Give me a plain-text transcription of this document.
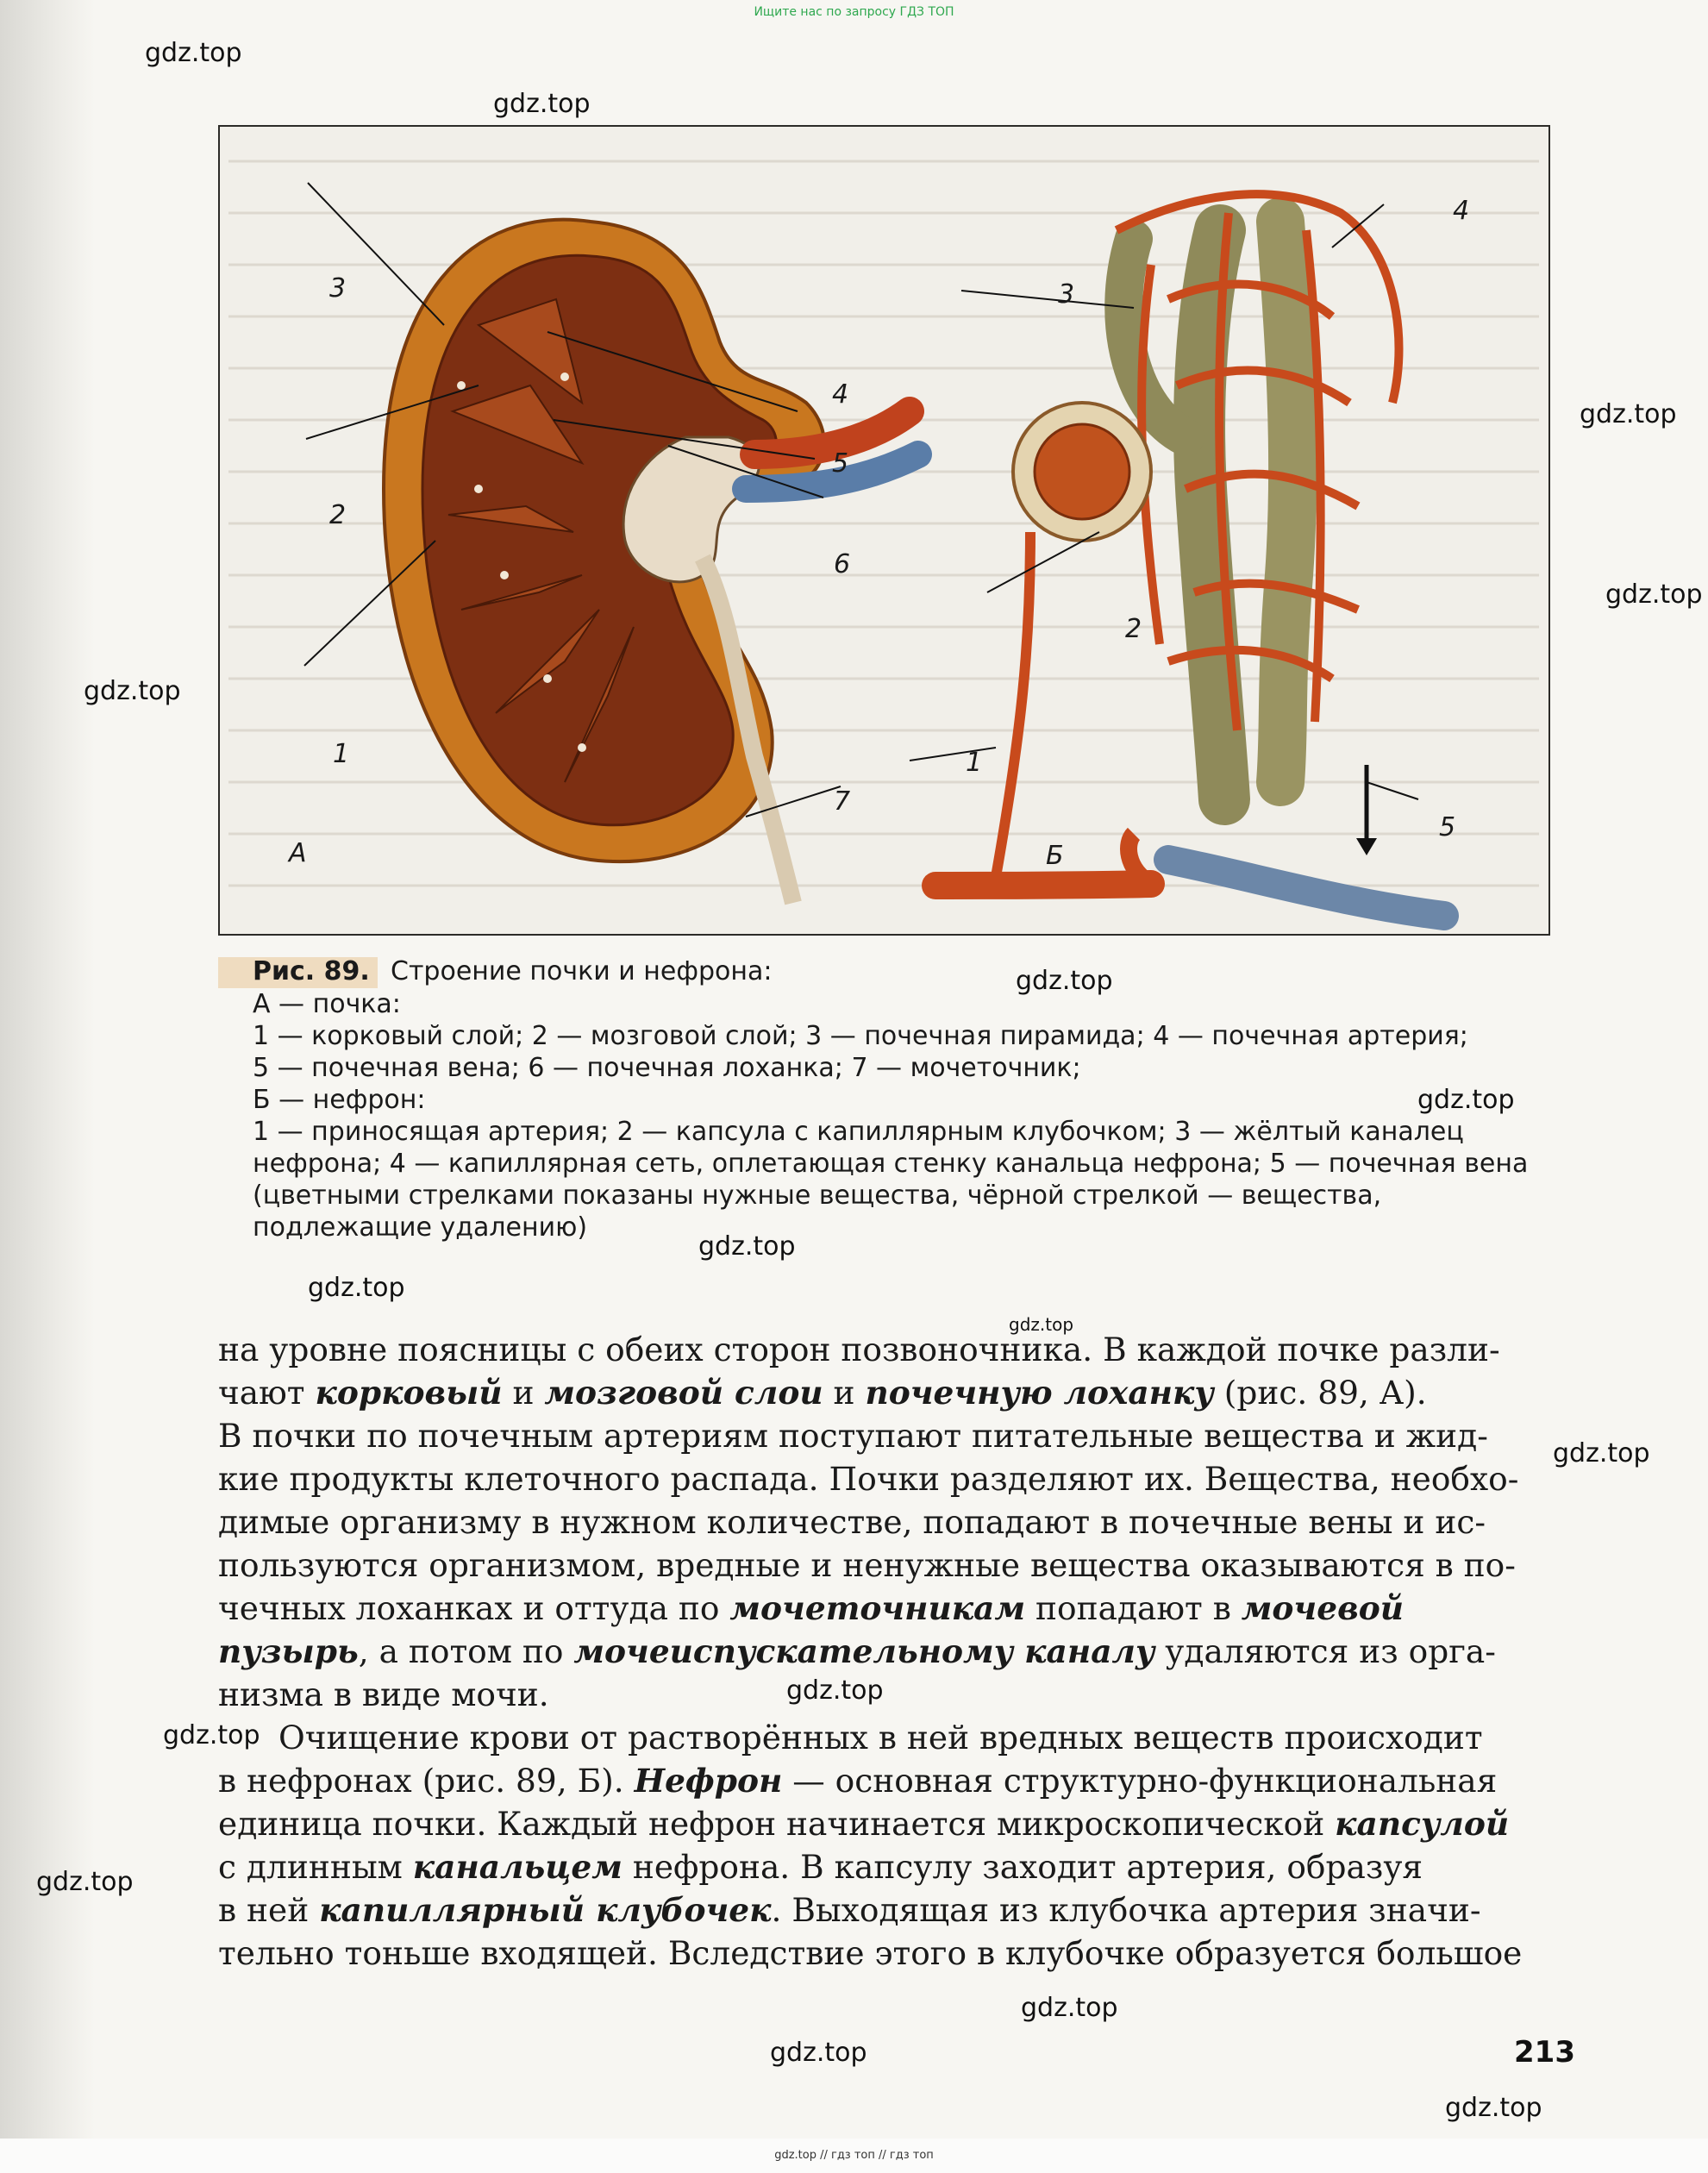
Ищите нас по запросу ГДЗ ТОП
gdz.top
gdz.top
gdz.top
gdz.top
gdz.top
gdz.top
gdz.top
gdz.top
gdz.top
gdz.top
gdz.top
gdz.top
gdz.top
gdz.top
gdz.top
gdz.top
gdz.top
3
2
1
4
5
6
7
А
3
4
2
1
5
Б
Рис. 89. Строение почки и нефрона:
А — почка:
1 — корковый слой; 2 — мозговой слой; 3 — почечная пирамида; 4 — почечная артерия;
5 — почечная вена; 6 — почечная лоханка; 7 — мочеточник;
Б — нефрон:
1 — приносящая артерия; 2 — капсула с капиллярным клубочком; 3 — жёлтый каналец
нефрона; 4 — капиллярная сеть, оплетающая стенку канальца нефрона; 5 — почечная вена
(цветными стрелками показаны нужные вещества, чёрной стрелкой — вещества,
подлежащие удалению)
на уровне поясницы с обеих сторон позвоночника. В каждой почке разли-
чают корковый и мозговой слои и почечную лоханку (рис. 89, А).
В почки по почечным артериям поступают питательные вещества и жид-
кие продукты клеточного распада. Почки разделяют их. Вещества, необхо-
димые организму в нужном количестве, попадают в почечные вены и ис-
пользуются организмом, вредные и ненужные вещества оказываются в по-
чечных лоханках и оттуда по мочеточникам попадают в мочевой
пузырь, а потом по мочеиспускательному каналу удаляются из орга-
низма в виде мочи.
Очищение крови от растворённых в ней вредных веществ происходит
в нефронах (рис. 89, Б). Нефрон — основная структурно-функциональная
единица почки. Каждый нефрон начинается микроскопической капсулой
с длинным канальцем нефрона. В капсулу заходит артерия, образуя
в ней капиллярный клубочек. Выходящая из клубочка артерия значи-
тельно тоньше входящей. Вследствие этого в клубочке образуется большое
213
gdz.top // гдз топ // гдз топ
